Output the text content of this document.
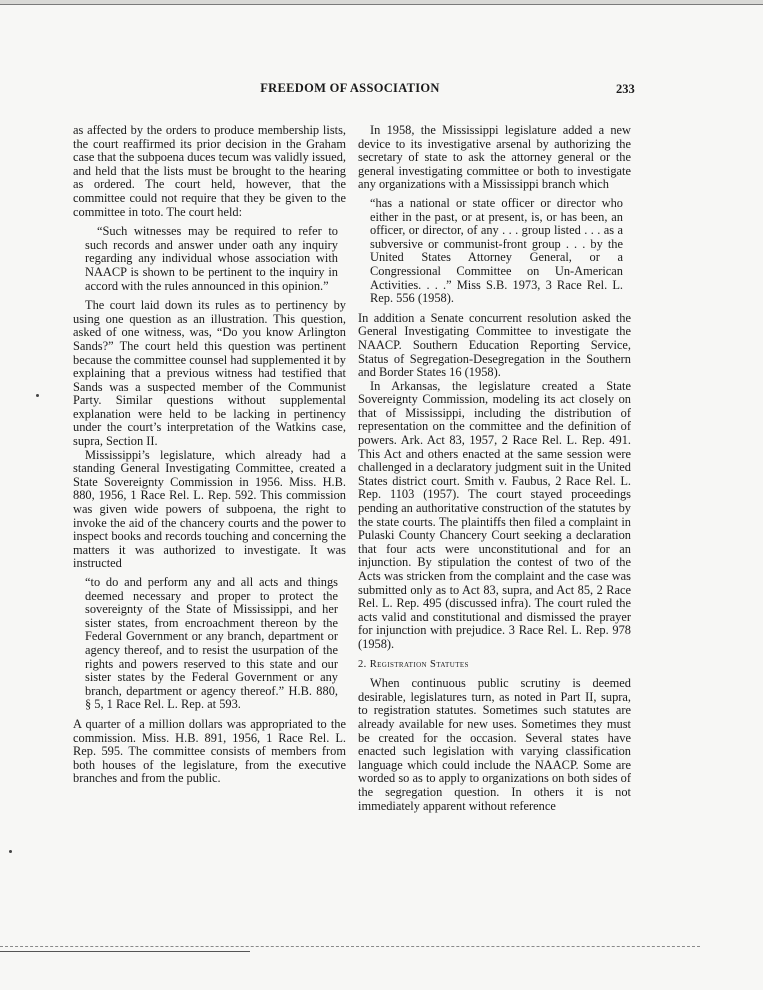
FREEDOM OF ASSOCIATION	233

as affected by the orders to produce membership lists, the court reaffirmed its prior decision in the Graham case that the subpoena duces tecum was validly issued, and held that the lists must be brought to the hearing as ordered. The court held, however, that the committee could not require that they be given to the committee in toto. The court held:

“Such witnesses may be required to refer to such records and answer under oath any inquiry regarding any individual whose association with NAACP is shown to be pertinent to the inquiry in accord with the rules announced in this opinion.”

The court laid down its rules as to pertinency by using one question as an illustration. This question, asked of one witness, was, “Do you know Arlington Sands?” The court held this question was pertinent because the committee counsel had supplemented it by explaining that a previous witness had testified that Sands was a suspected member of the Communist Party. Similar questions without supplemental explanation were held to be lacking in pertinency under the court’s interpretation of the Watkins case, supra, Section II.

Mississippi’s legislature, which already had a standing General Investigating Committee, created a State Sovereignty Commission in 1956. Miss. H.B. 880, 1956, 1 Race Rel. L. Rep. 592. This commission was given wide powers of subpoena, the right to invoke the aid of the chancery courts and the power to inspect books and records touching and concerning the matters it was authorized to investigate. It was instructed

“to do and perform any and all acts and things deemed necessary and proper to protect the sovereignty of the State of Mississippi, and her sister states, from encroachment thereon by the Federal Government or any branch, department or agency thereof, and to resist the usurpation of the rights and powers reserved to this state and our sister states by the Federal Government or any branch, department or agency thereof.” H.B. 880, § 5, 1 Race Rel. L. Rep. at 593.

A quarter of a million dollars was appropriated to the commission. Miss. H.B. 891, 1956, 1 Race Rel. L. Rep. 595. The committee consists of members from both houses of the legislature, from the executive branches and from the public.

In 1958, the Mississippi legislature added a new device to its investigative arsenal by authorizing the secretary of state to ask the attorney general or the general investigating committee or both to investigate any organizations with a Mississippi branch which

“has a national or state officer or director who either in the past, or at present, is, or has been, an officer, or director, of any . . . group listed . . . as a subversive or communist-front group . . . by the United States Attorney General, or a Congressional Committee on Un-American Activities. . . .” Miss S.B. 1973, 3 Race Rel. L. Rep. 556 (1958).

In addition a Senate concurrent resolution asked the General Investigating Committee to investigate the NAACP. Southern Education Reporting Service, Status of Segregation-Desegregation in the Southern and Border States 16 (1958).

In Arkansas, the legislature created a State Sovereignty Commission, modeling its act closely on that of Mississippi, including the distribution of representation on the committee and the definition of powers. Ark. Act 83, 1957, 2 Race Rel. L. Rep. 491. This Act and others enacted at the same session were challenged in a declaratory judgment suit in the United States district court. Smith v. Faubus, 2 Race Rel. L. Rep. 1103 (1957). The court stayed proceedings pending an authoritative construction of the statutes by the state courts. The plaintiffs then filed a complaint in Pulaski County Chancery Court seeking a declaration that four acts were unconstitutional and for an injunction. By stipulation the contest of two of the Acts was stricken from the complaint and the case was submitted only as to Act 83, supra, and Act 85, 2 Race Rel. L. Rep. 495 (discussed infra). The court ruled the acts valid and constitutional and dismissed the prayer for injunction with prejudice. 3 Race Rel. L. Rep. 978 (1958).

2. Registration Statutes

When continuous public scrutiny is deemed desirable, legislatures turn, as noted in Part II, supra, to registration statutes. Sometimes such statutes are already available for new uses. Sometimes they must be created for the occasion. Several states have enacted such legislation with varying classification language which could include the NAACP. Some are worded so as to apply to organizations on both sides of the segregation question. In others it is not immediately apparent without reference
